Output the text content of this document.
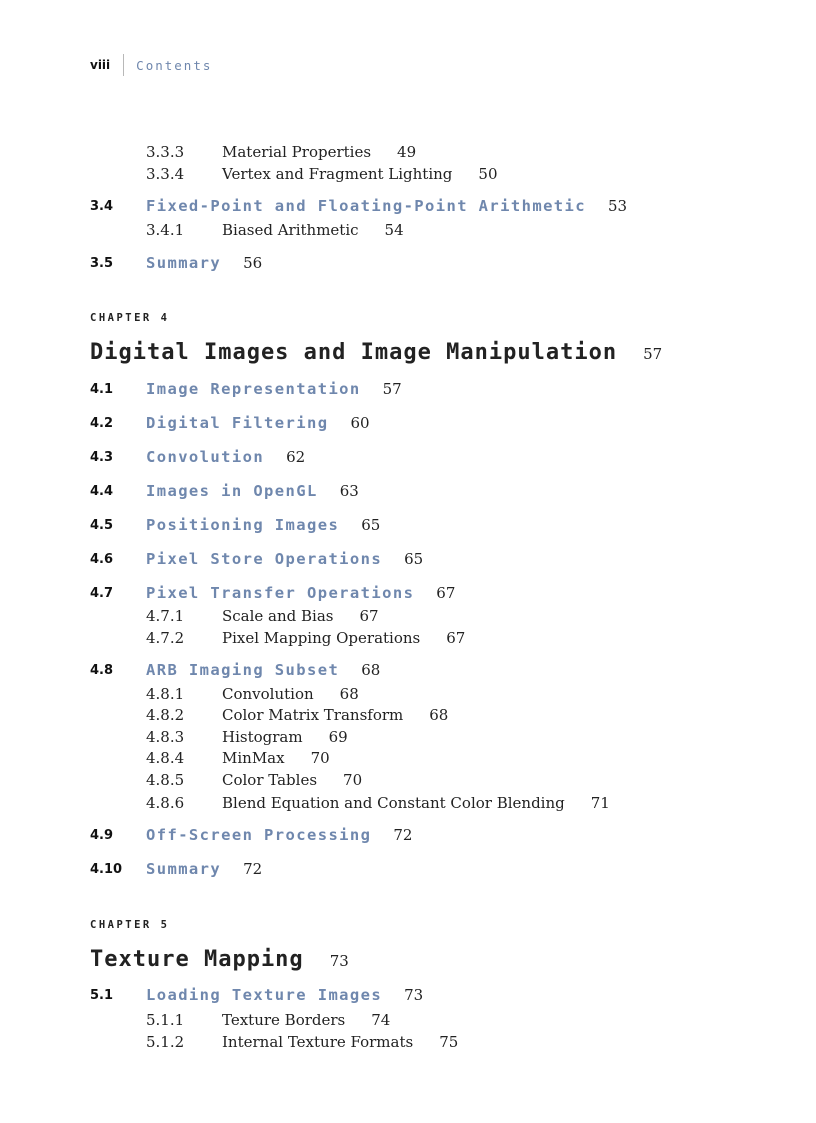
viii Contents
3.3.3	Material Properties 49
3.3.4	Vertex and Fragment Lighting 50
3.4 Fixed-Point and Floating-Point Arithmetic 53
3.4.1	Biased Arithmetic 54
3.5 Summary 56
CHAPTER 4
Digital Images and Image Manipulation 57
4.1 Image Representation 57
4.2 Digital Filtering 60
4.3 Convolution 62
4.4 Images in OpenGL 63
4.5 Positioning Images 65
4.6 Pixel Store Operations 65
4.7 Pixel Transfer Operations 67
4.7.1	Scale and Bias 67
4.7.2	Pixel Mapping Operations 67
4.8 ARB Imaging Subset 68
4.8.1	Convolution 68
4.8.2	Color Matrix Transform 68
4.8.3	Histogram 69
4.8.4	MinMax 70
4.8.5	Color Tables 70
4.8.6	Blend Equation and Constant Color Blending 71
4.9 Off-Screen Processing 72
4.10 Summary 72
CHAPTER 5
Texture Mapping 73
5.1 Loading Texture Images 73
5.1.1	Texture Borders 74
5.1.2	Internal Texture Formats 75
